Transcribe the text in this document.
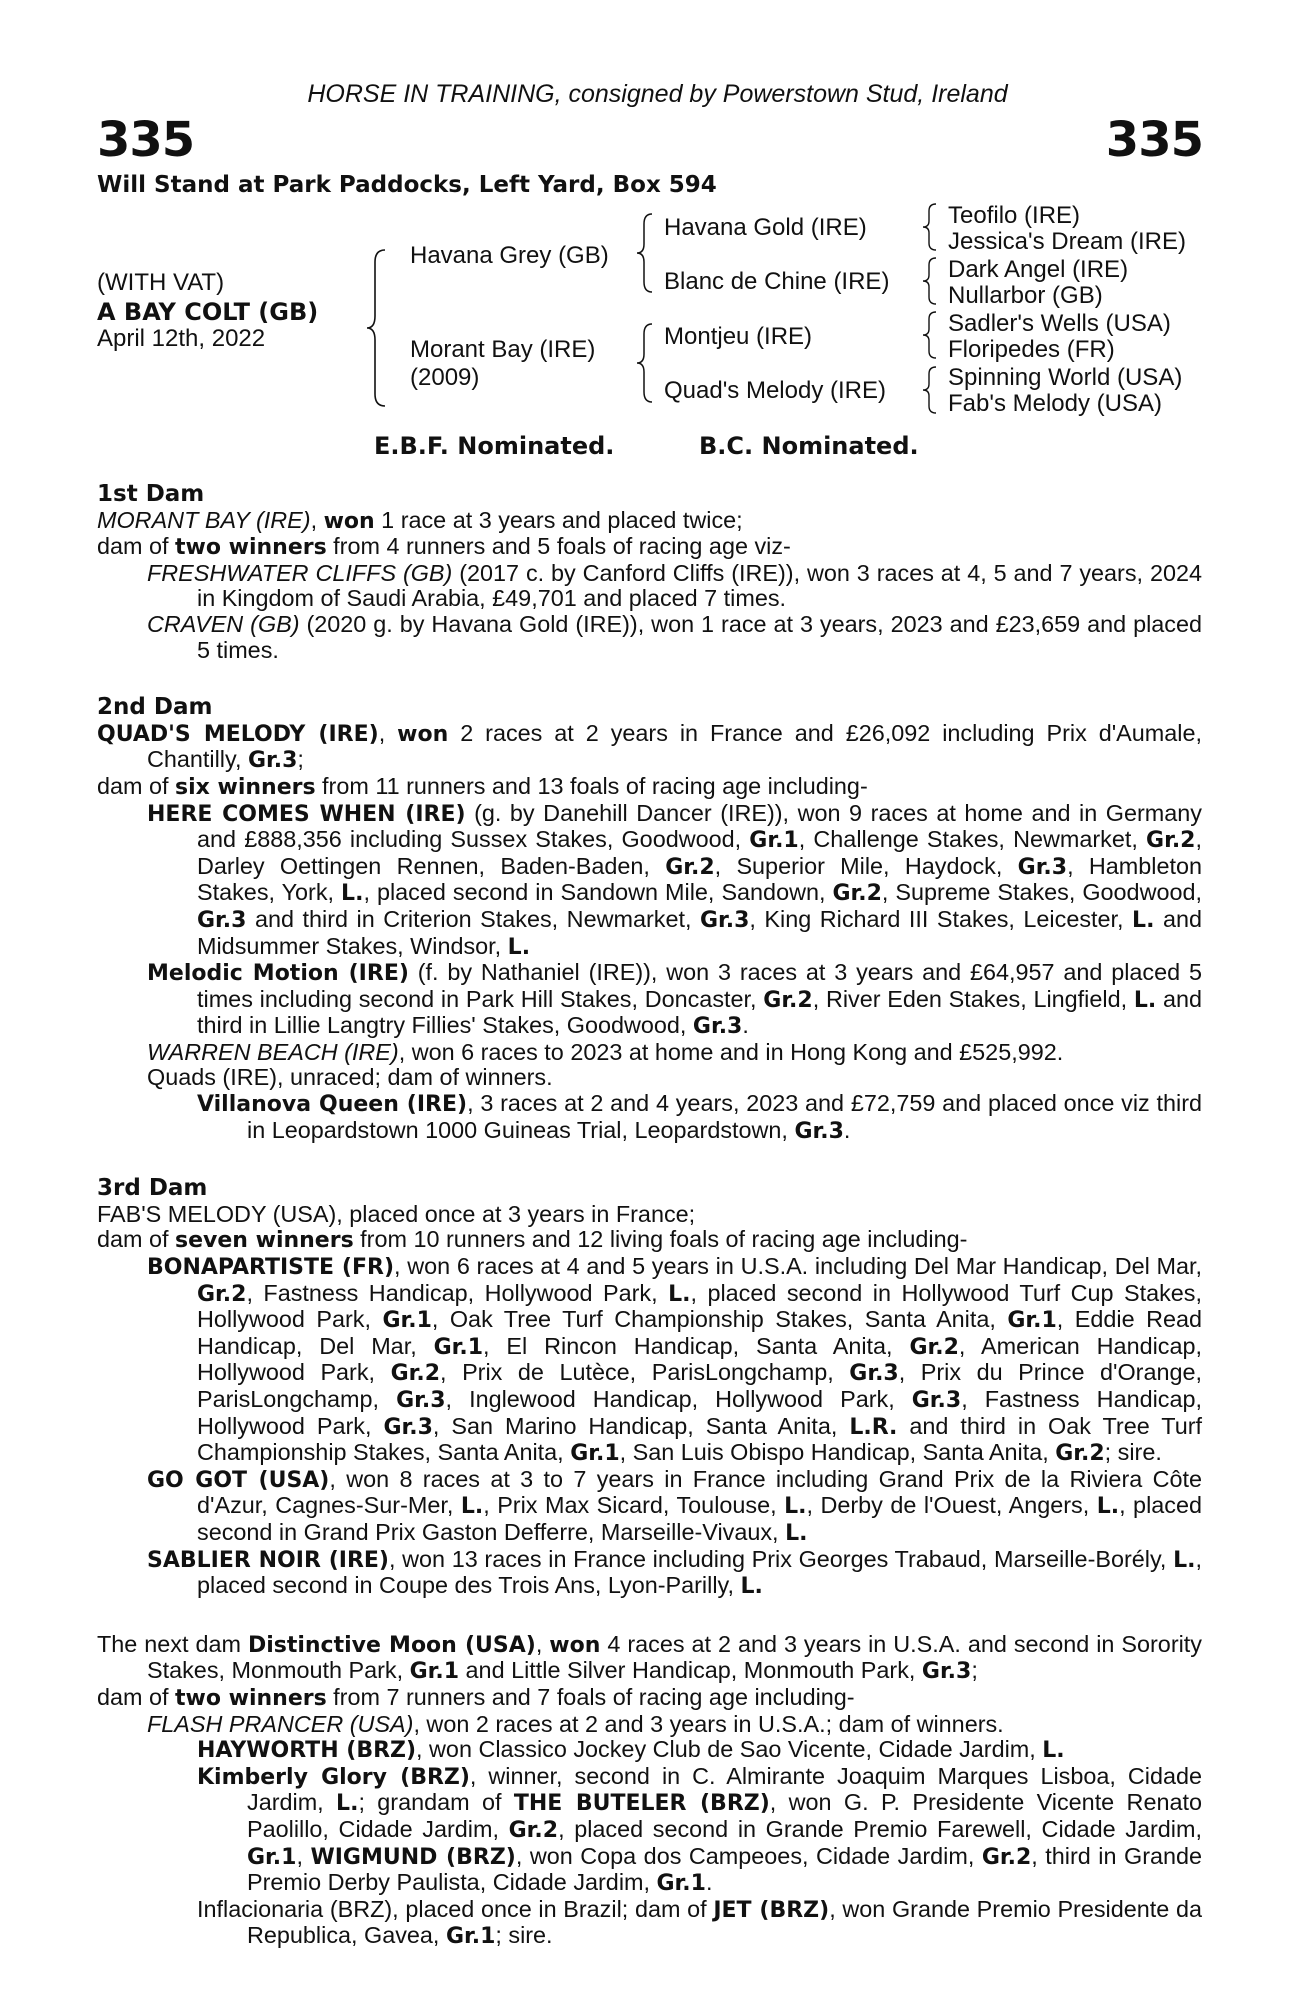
HORSE IN TRAINING, consigned by Powerstown Stud, Ireland
335	335
Will Stand at Park Paddocks, Left Yard, Box 594
(WITH VAT)
A BAY COLT (GB)
April 12th, 2022
Havana Grey (GB)
Morant Bay (IRE)
(2009)
Havana Gold (IRE)
Blanc de Chine (IRE)
Montjeu (IRE)
Quad's Melody (IRE)
Teofilo (IRE)
Jessica's Dream (IRE)
Dark Angel (IRE)
Nullarbor (GB)
Sadler's Wells (USA)
Floripedes (FR)
Spinning World (USA)
Fab's Melody (USA)
E.B.F. Nominated.	B.C. Nominated.
1st Dam
MORANT BAY (IRE), won 1 race at 3 years and placed twice;
dam of two winners from 4 runners and 5 foals of racing age viz-
FRESHWATER CLIFFS (GB) (2017 c. by Canford Cliffs (IRE)), won 3 races at 4, 5 and 7 years, 2024 in Kingdom of Saudi Arabia, £49,701 and placed 7 times.
CRAVEN (GB) (2020 g. by Havana Gold (IRE)), won 1 race at 3 years, 2023 and £23,659 and placed 5 times.
2nd Dam
QUAD'S MELODY (IRE), won 2 races at 2 years in France and £26,092 including Prix d'Aumale, Chantilly, Gr.3;
dam of six winners from 11 runners and 13 foals of racing age including-
HERE COMES WHEN (IRE) (g. by Danehill Dancer (IRE)), won 9 races at home and in Germany and £888,356 including Sussex Stakes, Goodwood, Gr.1, Challenge Stakes, Newmarket, Gr.2, Darley Oettingen Rennen, Baden-Baden, Gr.2, Superior Mile, Haydock, Gr.3, Hambleton Stakes, York, L., placed second in Sandown Mile, Sandown, Gr.2, Supreme Stakes, Goodwood, Gr.3 and third in Criterion Stakes, Newmarket, Gr.3, King Richard III Stakes, Leicester, L. and Midsummer Stakes, Windsor, L.
Melodic Motion (IRE) (f. by Nathaniel (IRE)), won 3 races at 3 years and £64,957 and placed 5 times including second in Park Hill Stakes, Doncaster, Gr.2, River Eden Stakes, Lingfield, L. and third in Lillie Langtry Fillies' Stakes, Goodwood, Gr.3.
WARREN BEACH (IRE), won 6 races to 2023 at home and in Hong Kong and £525,992.
Quads (IRE), unraced; dam of winners.
Villanova Queen (IRE), 3 races at 2 and 4 years, 2023 and £72,759 and placed once viz third in Leopardstown 1000 Guineas Trial, Leopardstown, Gr.3.
3rd Dam
FAB'S MELODY (USA), placed once at 3 years in France;
dam of seven winners from 10 runners and 12 living foals of racing age including-
BONAPARTISTE (FR), won 6 races at 4 and 5 years in U.S.A. including Del Mar Handicap, Del Mar, Gr.2, Fastness Handicap, Hollywood Park, L., placed second in Hollywood Turf Cup Stakes, Hollywood Park, Gr.1, Oak Tree Turf Championship Stakes, Santa Anita, Gr.1, Eddie Read Handicap, Del Mar, Gr.1, El Rincon Handicap, Santa Anita, Gr.2, American Handicap, Hollywood Park, Gr.2, Prix de Lutèce, ParisLongchamp, Gr.3, Prix du Prince d'Orange, ParisLongchamp, Gr.3, Inglewood Handicap, Hollywood Park, Gr.3, Fastness Handicap, Hollywood Park, Gr.3, San Marino Handicap, Santa Anita, L.R. and third in Oak Tree Turf Championship Stakes, Santa Anita, Gr.1, San Luis Obispo Handicap, Santa Anita, Gr.2; sire.
GO GOT (USA), won 8 races at 3 to 7 years in France including Grand Prix de la Riviera Côte d'Azur, Cagnes-Sur-Mer, L., Prix Max Sicard, Toulouse, L., Derby de l'Ouest, Angers, L., placed second in Grand Prix Gaston Defferre, Marseille-Vivaux, L.
SABLIER NOIR (IRE), won 13 races in France including Prix Georges Trabaud, Marseille-Borély, L., placed second in Coupe des Trois Ans, Lyon-Parilly, L.
The next dam Distinctive Moon (USA), won 4 races at 2 and 3 years in U.S.A. and second in Sorority Stakes, Monmouth Park, Gr.1 and Little Silver Handicap, Monmouth Park, Gr.3;
dam of two winners from 7 runners and 7 foals of racing age including-
FLASH PRANCER (USA), won 2 races at 2 and 3 years in U.S.A.; dam of winners.
HAYWORTH (BRZ), won Classico Jockey Club de Sao Vicente, Cidade Jardim, L.
Kimberly Glory (BRZ), winner, second in C. Almirante Joaquim Marques Lisboa, Cidade Jardim, L.; grandam of THE BUTELER (BRZ), won G. P. Presidente Vicente Renato Paolillo, Cidade Jardim, Gr.2, placed second in Grande Premio Farewell, Cidade Jardim, Gr.1, WIGMUND (BRZ), won Copa dos Campeoes, Cidade Jardim, Gr.2, third in Grande Premio Derby Paulista, Cidade Jardim, Gr.1.
Inflacionaria (BRZ), placed once in Brazil; dam of JET (BRZ), won Grande Premio Presidente da Republica, Gavea, Gr.1; sire.
